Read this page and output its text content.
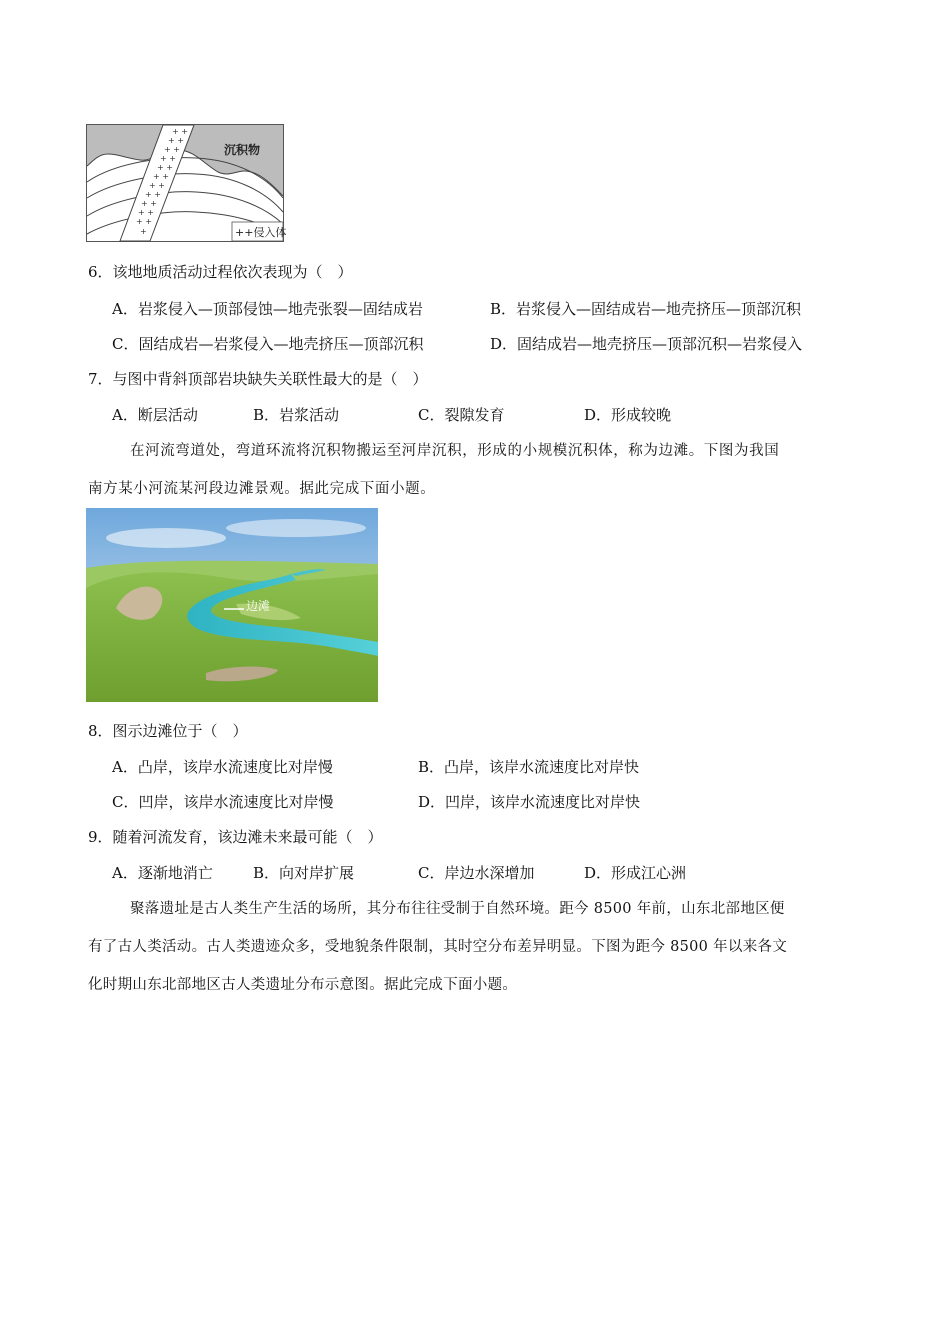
+ +
+ +
+ +
+ +
+ +
+ +
+ +
+ +
+ +
+ +
+ +
+
沉积物
++侵入体
6．该地地质活动过程依次表现为（　）
A．岩浆侵入—顶部侵蚀—地壳张裂—固结成岩	B．岩浆侵入—固结成岩—地壳挤压—顶部沉积
C．固结成岩—岩浆侵入—地壳挤压—顶部沉积	D．固结成岩—地壳挤压—顶部沉积—岩浆侵入
7．与图中背斜顶部岩块缺失关联性最大的是（　）
A．断层活动	B．岩浆活动	C．裂隙发育	D．形成较晚
在河流弯道处，弯道环流将沉积物搬运至河岸沉积，形成的小规模沉积体，称为边滩。下图为我国
南方某小河流某河段边滩景观。据此完成下面小题。
边滩
8．图示边滩位于（　）
A．凸岸，该岸水流速度比对岸慢	B．凸岸，该岸水流速度比对岸快
C．凹岸，该岸水流速度比对岸慢	D．凹岸，该岸水流速度比对岸快
9．随着河流发育，该边滩未来最可能（　）
A．逐渐地消亡	B．向对岸扩展	C．岸边水深增加	D．形成江心洲
聚落遗址是古人类生产生活的场所，其分布往往受制于自然环境。距今 8500 年前，山东北部地区便
有了古人类活动。古人类遗迹众多，受地貌条件限制，其时空分布差异明显。下图为距今 8500 年以来各文
化时期山东北部地区古人类遗址分布示意图。据此完成下面小题。
